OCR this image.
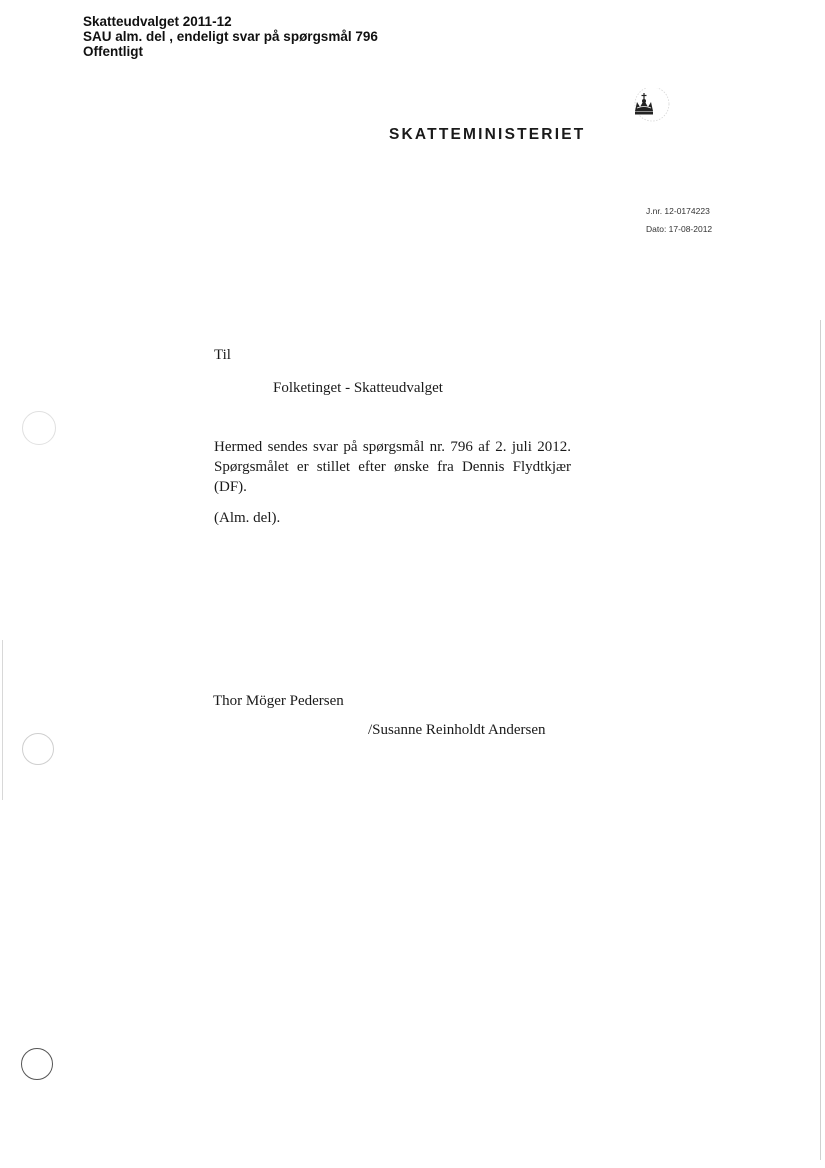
Skatteudvalget 2011-12
SAU alm. del , endeligt svar på spørgsmål 796
Offentligt
SKATTEMINISTERIET
J.nr. 12-0174223
Dato: 17-08-2012
Til
Folketinget - Skatteudvalget
Hermed sendes svar på spørgsmål nr. 796 af 2. juli 2012. Spørgsmålet er stillet efter ønske fra Dennis Flydtkjær (DF).
(Alm. del).
Thor Möger Pedersen
/Susanne Reinholdt Andersen
